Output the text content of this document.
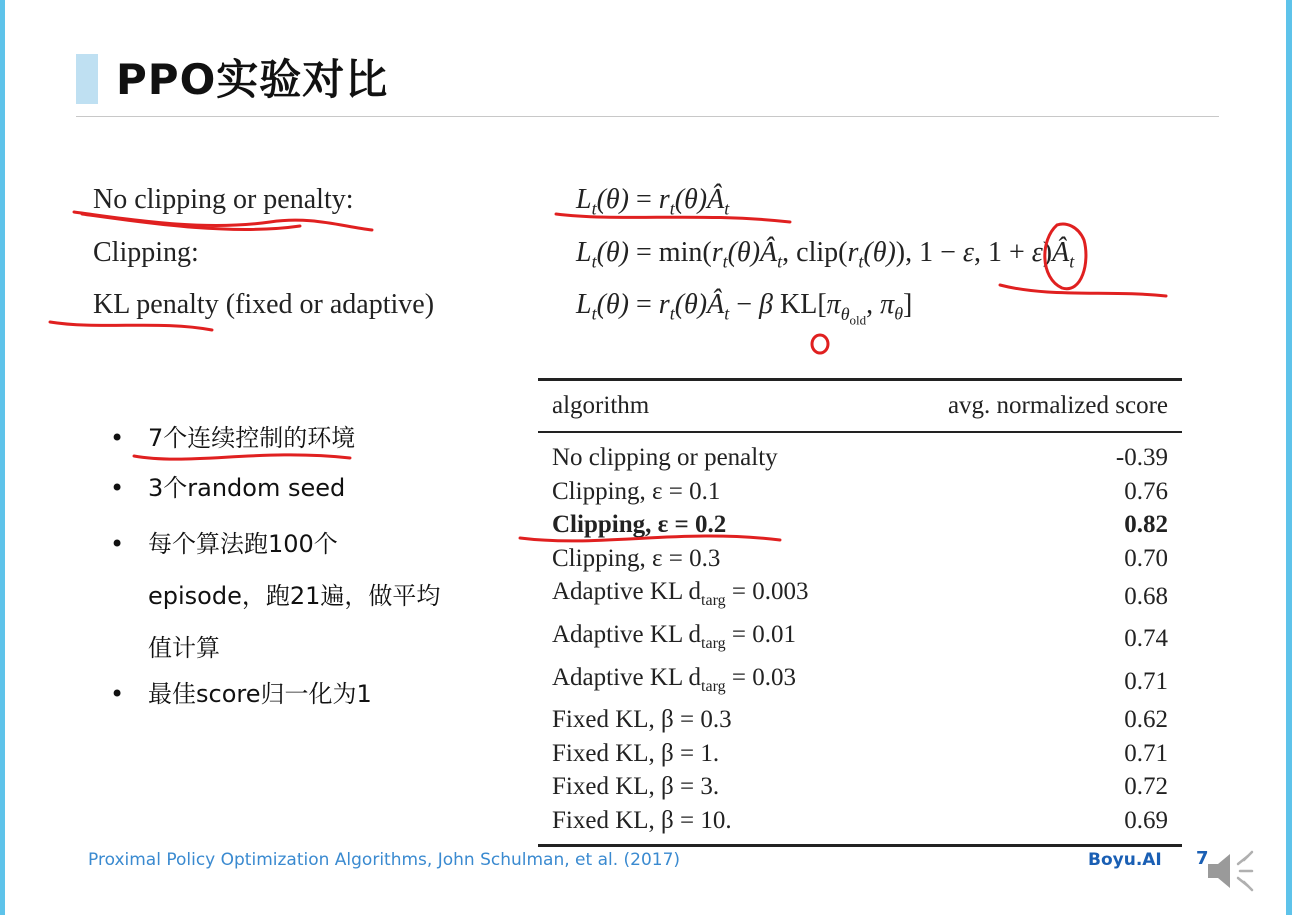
PPO实验对比
No clipping or penalty:
Clipping:
KL penalty (fixed or adaptive)
$L_t(\theta)$ = $r_t(\theta)Â_t$
$L_t(\theta)$ = $\min(r_t(\theta)Â_t$, $clip(r_t(\theta))$, 1 − ε, $1 + \varepsilon)Â_t$
$L_t(\theta)$ = $r_t(\theta)Â_t - \beta$ $KL[\pi_{\theta_{old}}$, $\pi_\theta$]
• 7个连续控制的环境
• 3个random seed
• 每个算法跑100个episode，跑21遍，做平均值计算
• 最佳score归一化为1
algorithm	avg. normalized score
No clipping or penalty	-0.39
Clipping, ε = 0.1	0.76
Clipping, ε = 0.2	0.82
Clipping, ε = 0.3	0.70
Adaptive KL $d_{targ} = 0.003$	0.68
Adaptive KL $d_{targ} = 0.01$	0.74
Adaptive KL $d_{targ} = 0.03$	0.71
Fixed KL, β = 0.3	0.62
Fixed KL, β = 1.	0.71
Fixed KL, β = 3.	0.72
Fixed KL, β = 10.	0.69
Proximal Policy Optimization Algorithms, John Schulman, et al. (2017)	Boyu.AI 7
